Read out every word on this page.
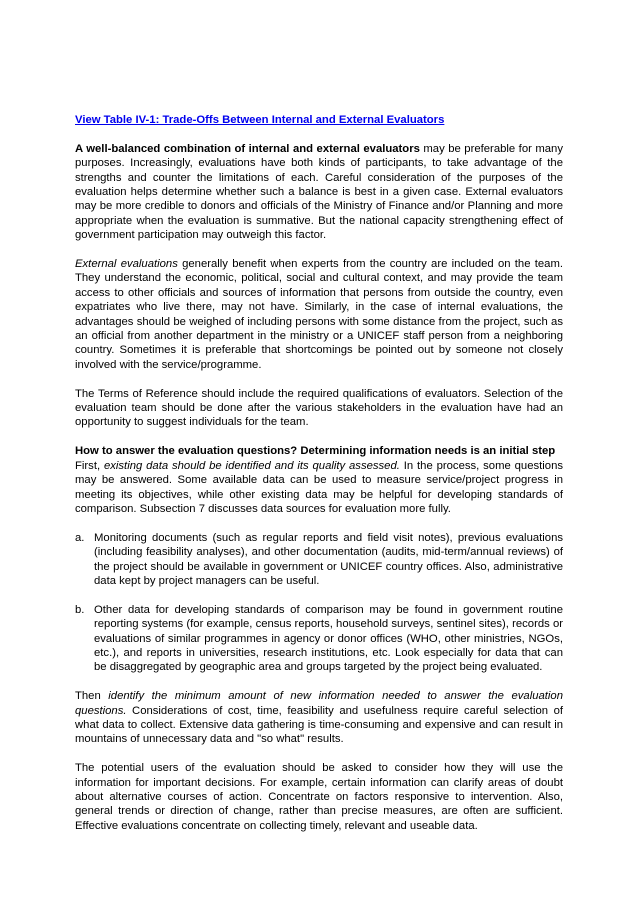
View Table IV-1: Trade-Offs Between Internal and External Evaluators

A well-balanced combination of internal and external evaluators may be preferable for many purposes. Increasingly, evaluations have both kinds of participants, to take advantage of the strengths and counter the limitations of each. Careful consideration of the purposes of the evaluation helps determine whether such a balance is best in a given case. External evaluators may be more credible to donors and officials of the Ministry of Finance and/or Planning and more appropriate when the evaluation is summative. But the national capacity strengthening effect of government participation may outweigh this factor.

External evaluations generally benefit when experts from the country are included on the team. They understand the economic, political, social and cultural context, and may provide the team access to other officials and sources of information that persons from outside the country, even expatriates who live there, may not have. Similarly, in the case of internal evaluations, the advantages should be weighed of including persons with some distance from the project, such as an official from another department in the ministry or a UNICEF staff person from a neighboring country. Sometimes it is preferable that shortcomings be pointed out by someone not closely involved with the service/programme.

The Terms of Reference should include the required qualifications of evaluators. Selection of the evaluation team should be done after the various stakeholders in the evaluation have had an opportunity to suggest individuals for the team.

How to answer the evaluation questions? Determining information needs is an initial step
First, existing data should be identified and its quality assessed. In the process, some questions may be answered. Some available data can be used to measure service/project progress in meeting its objectives, while other existing data may be helpful for developing standards of comparison. Subsection 7 discusses data sources for evaluation more fully.
a. Monitoring documents (such as regular reports and field visit notes), previous evaluations (including feasibility analyses), and other documentation (audits, mid-term/annual reviews) of the project should be available in government or UNICEF country offices. Also, administrative data kept by project managers can be useful.
b. Other data for developing standards of comparison may be found in government routine reporting systems (for example, census reports, household surveys, sentinel sites), records or evaluations of similar programmes in agency or donor offices (WHO, other ministries, NGOs, etc.), and reports in universities, research institutions, etc. Look especially for data that can be disaggregated by geographic area and groups targeted by the project being evaluated.

Then identify the minimum amount of new information needed to answer the evaluation questions. Considerations of cost, time, feasibility and usefulness require careful selection of what data to collect. Extensive data gathering is time-consuming and expensive and can result in mountains of unnecessary data and "so what" results.

The potential users of the evaluation should be asked to consider how they will use the information for important decisions. For example, certain information can clarify areas of doubt about alternative courses of action. Concentrate on factors responsive to intervention. Also, general trends or direction of change, rather than precise measures, are often are sufficient. Effective evaluations concentrate on collecting timely, relevant and useable data.
